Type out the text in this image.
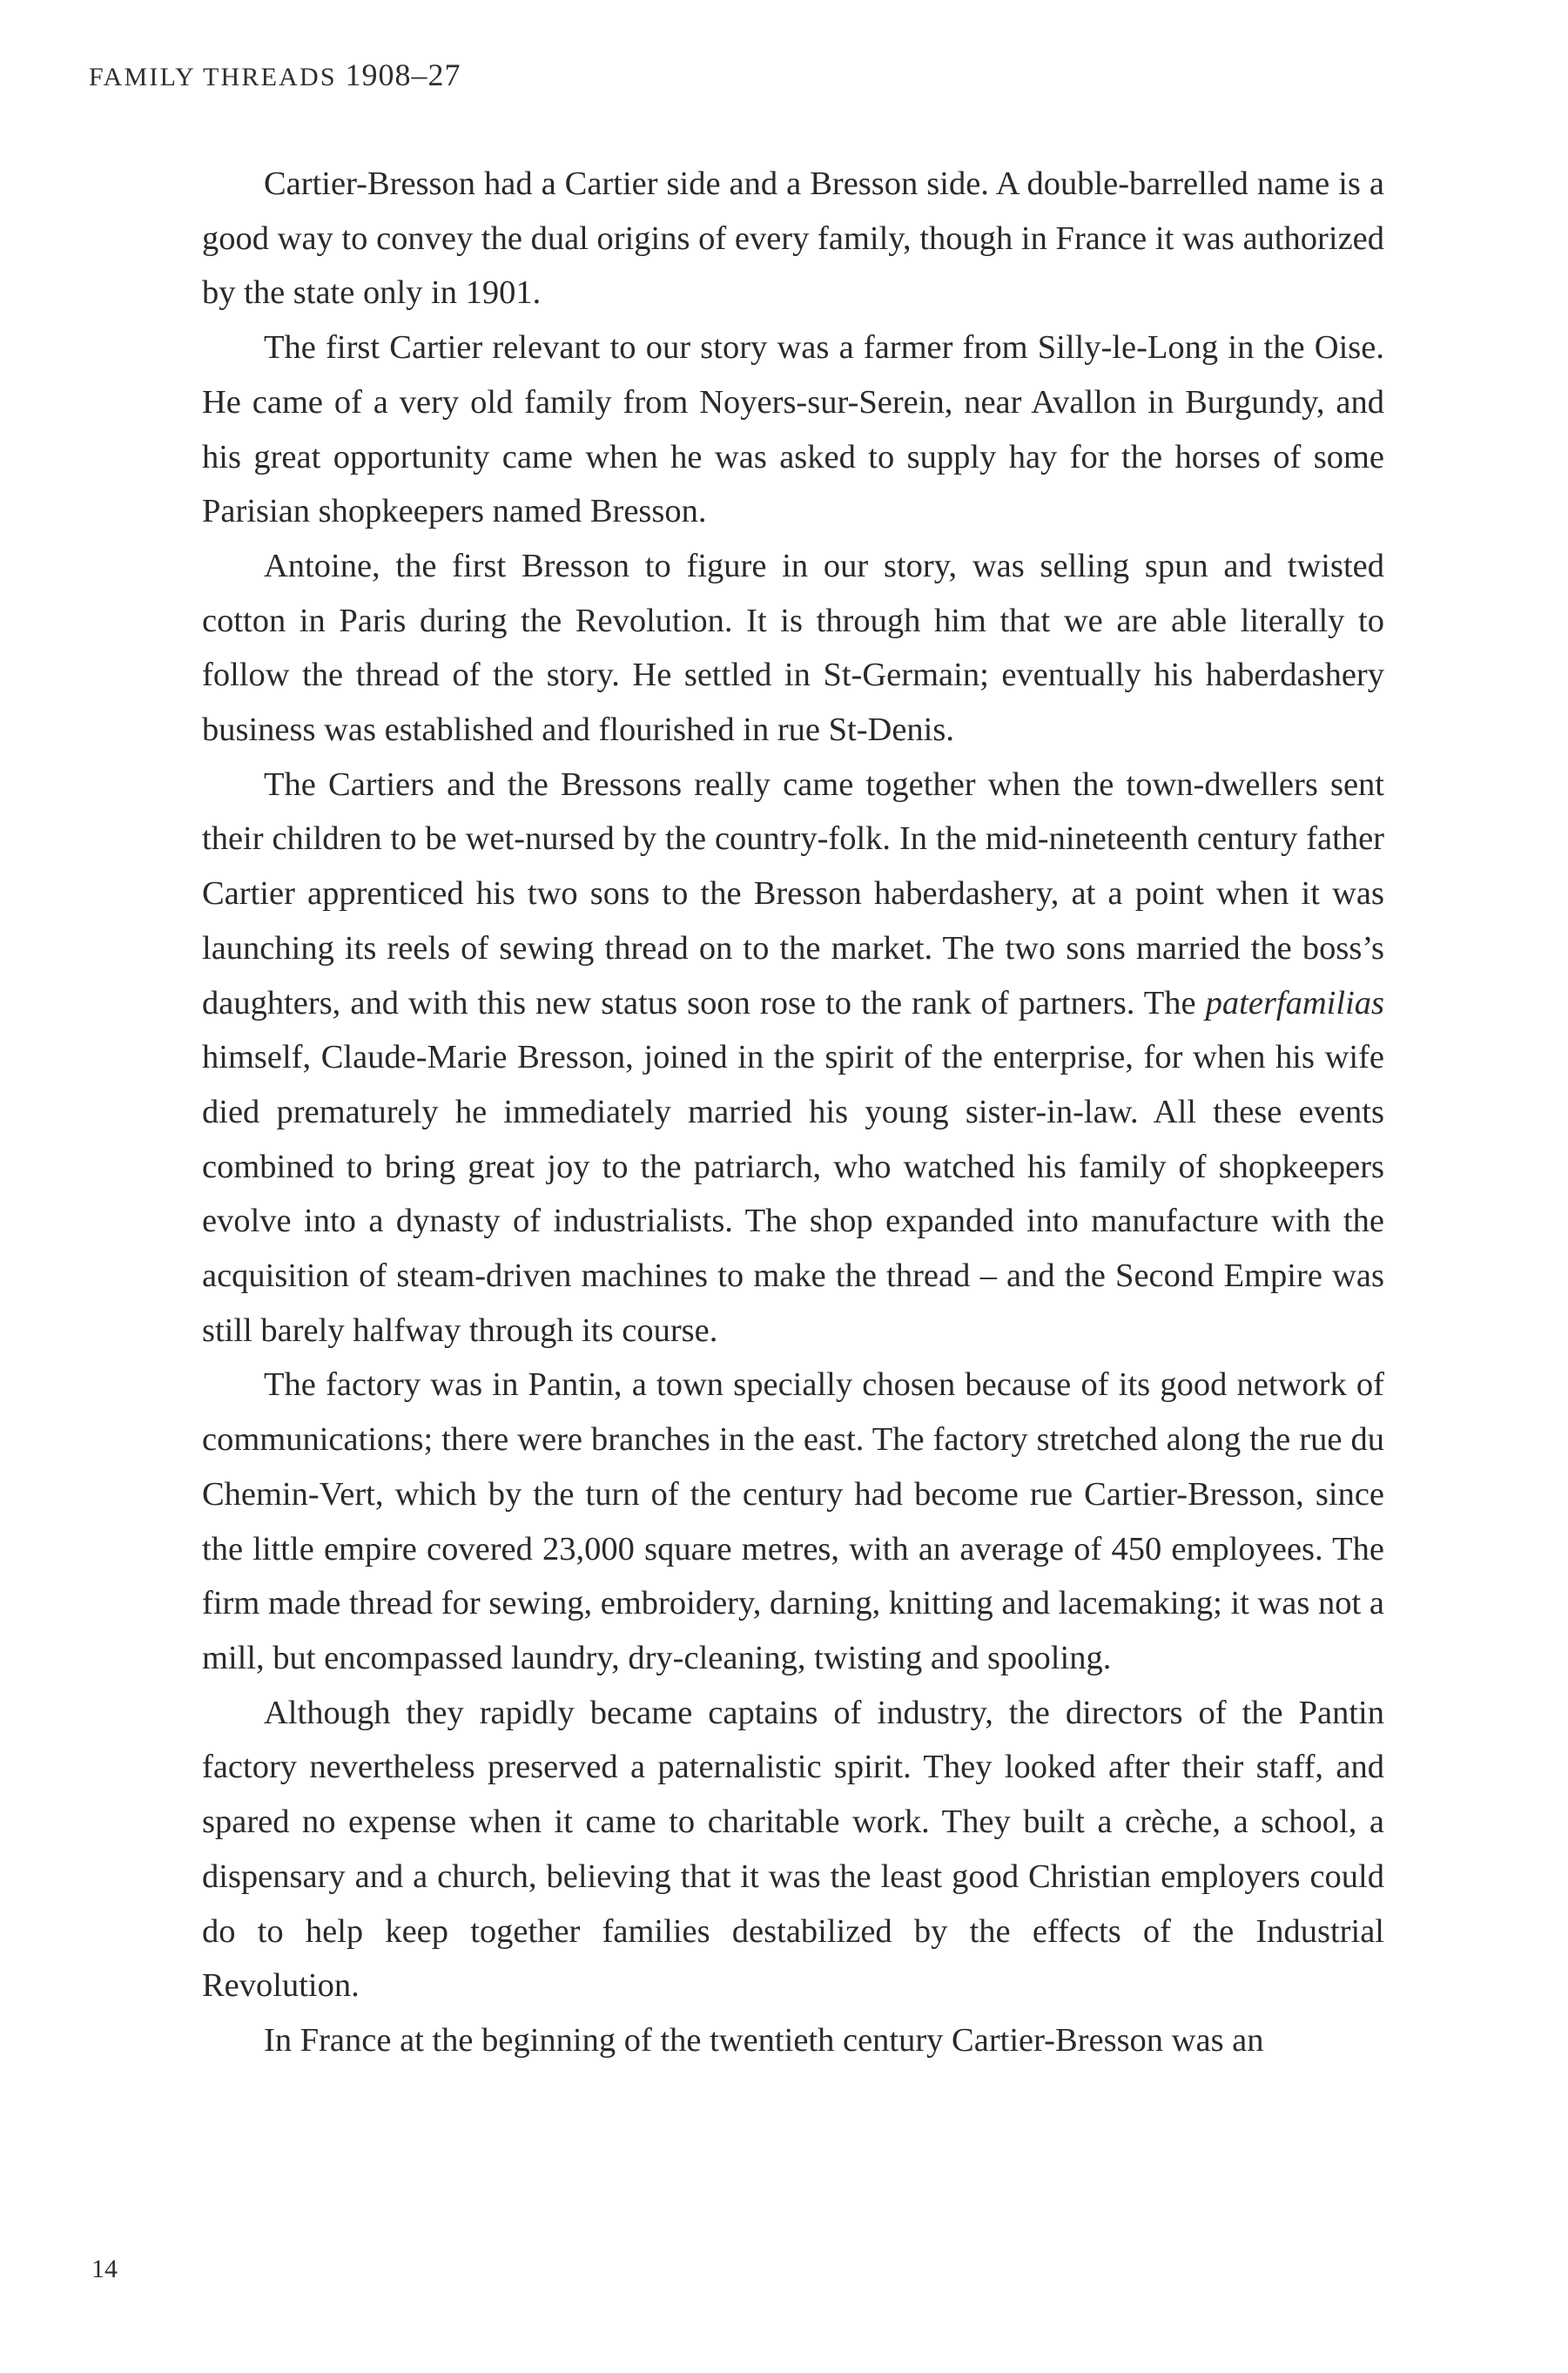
FAMILY THREADS 1908–27

Cartier-Bresson had a Cartier side and a Bresson side. A double-barrelled name is a good way to convey the dual origins of every family, though in France it was authorized by the state only in 1901.

The first Cartier relevant to our story was a farmer from Silly-le-Long in the Oise. He came of a very old family from Noyers-sur-Serein, near Avallon in Burgundy, and his great opportunity came when he was asked to supply hay for the horses of some Parisian shopkeepers named Bresson.

Antoine, the first Bresson to figure in our story, was selling spun and twisted cotton in Paris during the Revolution. It is through him that we are able literally to follow the thread of the story. He settled in St-Germain; eventually his haberdashery business was established and flourished in rue St-Denis.

The Cartiers and the Bressons really came together when the town-dwellers sent their children to be wet-nursed by the country-folk. In the mid-nineteenth century father Cartier apprenticed his two sons to the Bresson haberdashery, at a point when it was launching its reels of sewing thread on to the market. The two sons married the boss’s daughters, and with this new status soon rose to the rank of partners. The paterfamilias himself, Claude-Marie Bresson, joined in the spirit of the enterprise, for when his wife died prematurely he immediately married his young sister-in-law. All these events combined to bring great joy to the patriarch, who watched his family of shopkeepers evolve into a dynasty of industrialists. The shop expanded into manufacture with the acquisition of steam-driven machines to make the thread – and the Second Empire was still barely halfway through its course.

The factory was in Pantin, a town specially chosen because of its good network of communications; there were branches in the east. The factory stretched along the rue du Chemin-Vert, which by the turn of the century had become rue Cartier-Bresson, since the little empire covered 23,000 square metres, with an average of 450 employees. The firm made thread for sewing, embroidery, darning, knitting and lacemaking; it was not a mill, but encompassed laundry, dry-cleaning, twisting and spooling.

Although they rapidly became captains of industry, the directors of the Pantin factory nevertheless preserved a paternalistic spirit. They looked after their staff, and spared no expense when it came to charitable work. They built a crèche, a school, a dispensary and a church, believing that it was the least good Christian employers could do to help keep together families destabilized by the effects of the Industrial Revolution.

In France at the beginning of the twentieth century Cartier-Bresson was an

14
